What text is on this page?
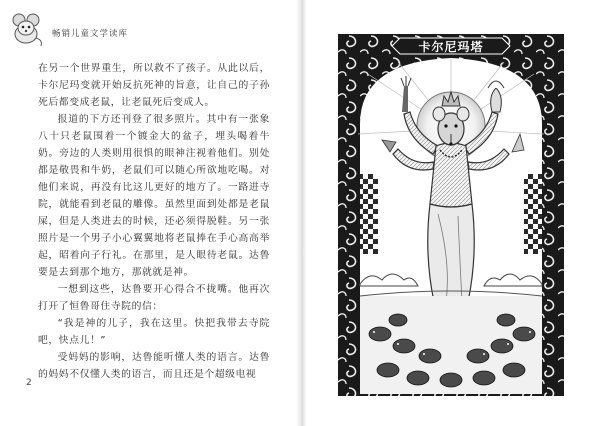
畅销儿童文学读库

在另一个世界重生，所以救不了孩子。从此以后，卡尔尼玛变就开始反抗死神的旨意，让自己的子孙死后都变成老鼠，让老鼠死后变成人。

报道的下方还刊登了很多照片。其中有一张象八十只老鼠围着一个镀金大的盆子，埋头喝着牛奶。旁边的人类则用很惧的眼神注视着他们。别处都是敬畏和牛奶，老鼠们可以随心所欲地吃喝。对他们来说，再没有比这儿更好的地方了。一路进寺院，就能看到老鼠的雕像。虽然里面到处都是老鼠屎，但是人类进去的时候，还必须得脱鞋。另一张照片是一个男子小心翼翼地将老鼠捧在手心高高举起，昭着向子行礼。在那里，是人眼待老鼠。达鲁要是去到那个地方，那就就是神。

一想到这些，达鲁要开心得合不拢嘴。他再次打开了恒鲁哥住寺院的信：

“我是神的儿子，我在这里。快把我带去寺院吧，快点儿！”

受妈妈的影响，达鲁能听懂人类的语言。达鲁的妈妈不仅懂人类的语言，而且还是个超级电视

2
卡尔尼玛塔
